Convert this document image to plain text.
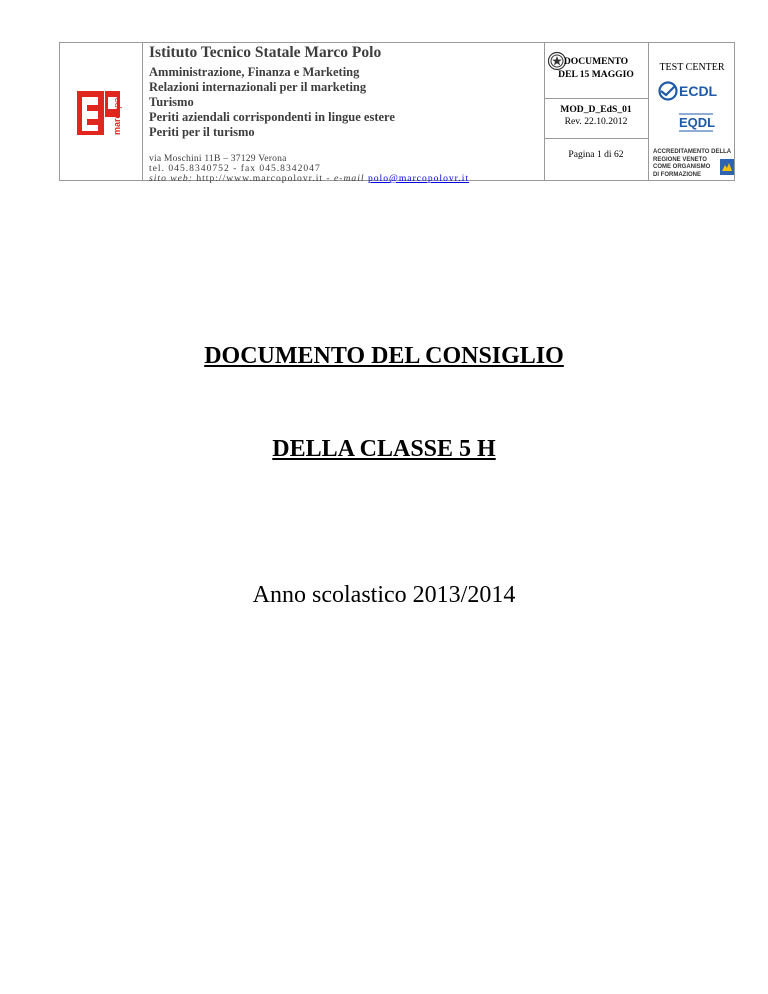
marcopolo
Istituto Tecnico Statale Marco Polo
Amministrazione, Finanza e Marketing
Relazioni internazionali per il marketing
Turismo
Periti aziendali corrispondenti in lingue estere
Periti per il turismo
via Moschini 11B – 37129 Verona
tel. 045.8340752 - fax 045.8342047
sito web: http://www.marcopolovr.it - e-mail polo@marcopolovr.it
DOCUMENTO
DEL 15 MAGGIO
MOD_D_EdS_01
Rev. 22.10.2012
Pagina 1 di 62
TEST CENTER
ECDL
EQDL
ACCREDITAMENTO DELLA
REGIONE VENETO
COME ORGANISMO
DI FORMAZIONE
DOCUMENTO DEL CONSIGLIO
DELLA CLASSE 5 H
Anno scolastico 2013/2014
